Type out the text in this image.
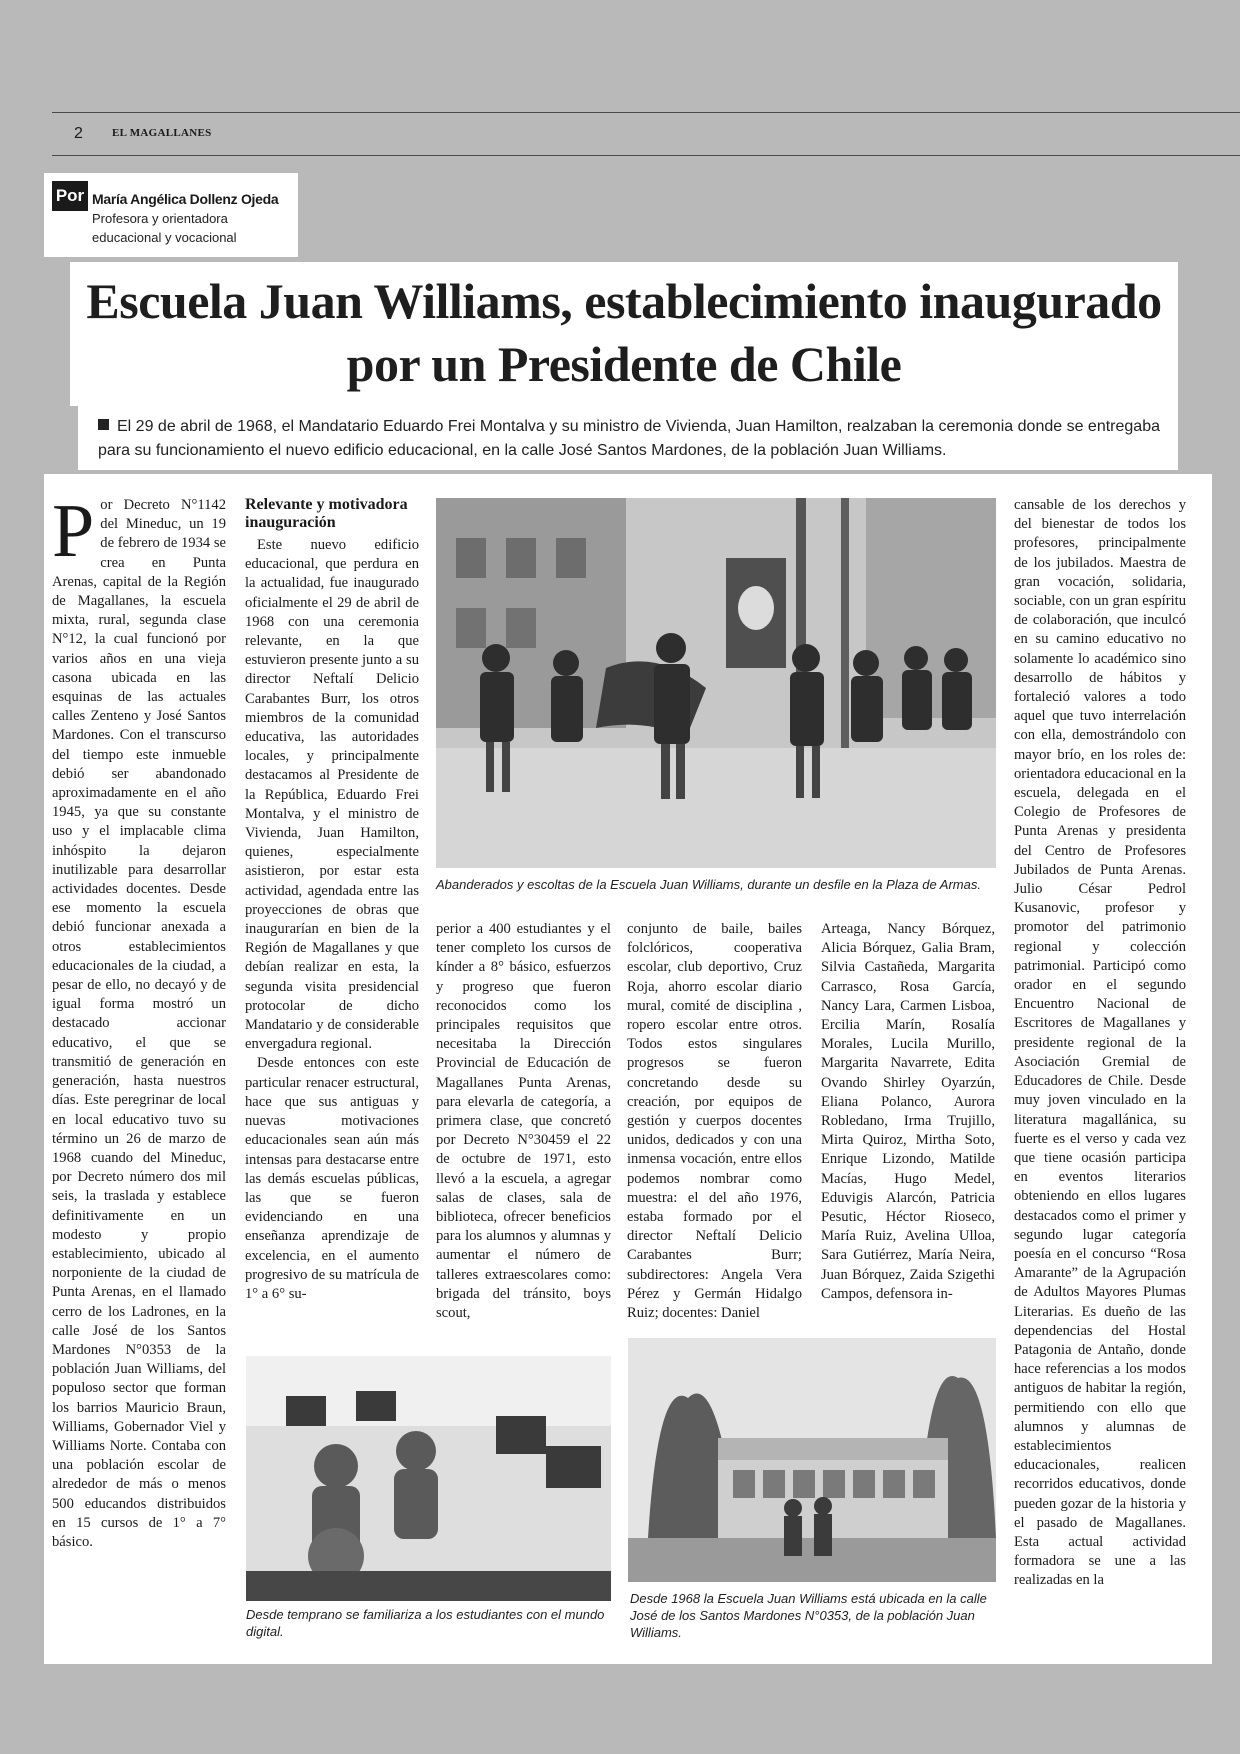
2	EL MAGALLANES
Por María Angélica Dollenz Ojeda
Profesora y orientadora educacional y vocacional
Escuela Juan Williams, establecimiento inaugurado por un Presidente de Chile
El 29 de abril de 1968, el Mandatario Eduardo Frei Montalva y su ministro de Vivienda, Juan Hamilton, realzaban la ceremonia donde se entregaba para su funcionamiento el nuevo edificio educacional, en la calle José Santos Mardones, de la población Juan Williams.

Por Decreto N°1142 del Mineduc, un 19 de febrero de 1934 se crea en Punta Arenas, capital de la Región de Magallanes, la escuela mixta, rural, segunda clase N°12, la cual funcionó por varios años en una vieja casona ubicada en las esquinas de las actuales calles Zenteno y José Santos Mardones. Con el transcurso del tiempo este inmueble debió ser abandonado aproximadamente en el año 1945, ya que su constante uso y el implacable clima inhóspito la dejaron inutilizable para desarrollar actividades docentes. Desde ese momento la escuela debió funcionar anexada a otros establecimientos educacionales de la ciudad, a pesar de ello, no decayó y de igual forma mostró un destacado accionar educativo, el que se transmitió de generación en generación, hasta nuestros días. Este peregrinar de local en local educativo tuvo su término un 26 de marzo de 1968 cuando del Mineduc, por Decreto número dos mil seis, la traslada y establece definitivamente en un modesto y propio establecimiento, ubicado al norponiente de la ciudad de Punta Arenas, en el llamado cerro de los Ladrones, en la calle José de los Santos Mardones N°0353 de la población Juan Williams, del populoso sector que forman los barrios Mauricio Braun, Williams, Gobernador Viel y Williams Norte. Contaba con una población escolar de alrededor de más o menos 500 educandos distribuidos en 15 cursos de 1° a 7° básico.

Relevante y motivadora inauguración

Este nuevo edificio educacional, que perdura en la actualidad, fue inaugurado oficialmente el 29 de abril de 1968 con una ceremonia relevante, en la que estuvieron presente junto a su director Neftalí Delicio Carabantes Burr, los otros miembros de la comunidad educativa, las autoridades locales, y principalmente destacamos al Presidente de la República, Eduardo Frei Montalva, y el ministro de Vivienda, Juan Hamilton, quienes, especialmente asistieron, por estar esta actividad, agendada entre las proyecciones de obras que inaugurarían en bien de la Región de Magallanes y que debían realizar en esta, la segunda visita presidencial protocolar de dicho Mandatario y de considerable envergadura regional.

Desde entonces con este particular renacer estructural, hace que sus antiguas y nuevas motivaciones educacionales sean aún más intensas para destacarse entre las demás escuelas públicas, las que se fueron evidenciando en una enseñanza aprendizaje de excelencia, en el aumento progresivo de su matrícula de 1° a 6° su-

Abanderados y escoltas de la Escuela Juan Williams, durante un desfile en la Plaza de Armas.

perior a 400 estudiantes y el tener completo los cursos de kínder a 8° básico, esfuerzos y progreso que fueron reconocidos como los principales requisitos que necesitaba la Dirección Provincial de Educación de Magallanes Punta Arenas, para elevarla de categoría, a primera clase, que concretó por Decreto N°30459 el 22 de octubre de 1971, esto llevó a la escuela, a agregar salas de clases, sala de biblioteca, ofrecer beneficios para los alumnos y alumnas y aumentar el número de talleres extraescolares como: brigada del tránsito, boys scout,

conjunto de baile, bailes folclóricos, cooperativa escolar, club deportivo, Cruz Roja, ahorro escolar diario mural, comité de disciplina , ropero escolar entre otros. Todos estos singulares progresos se fueron concretando desde su creación, por equipos de gestión y cuerpos docentes unidos, dedicados y con una inmensa vocación, entre ellos podemos nombrar como muestra: el del año 1976, estaba formado por el director Neftalí Delicio Carabantes Burr; subdirectores: Angela Vera Pérez y Germán Hidalgo Ruiz; docentes: Daniel

Arteaga, Nancy Bórquez, Alicia Bórquez, Galia Bram, Silvia Castañeda, Margarita Carrasco, Rosa García, Nancy Lara, Carmen Lisboa, Ercilia Marín, Rosalía Morales, Lucila Murillo, Margarita Navarrete, Edita Ovando Shirley Oyarzún, Eliana Polanco, Aurora Robledano, Irma Trujillo, Mirta Quiroz, Mirtha Soto, Enrique Lizondo, Matilde Macías, Hugo Medel, Eduvigis Alarcón, Patricia Pesutic, Héctor Rioseco, María Ruiz, Avelina Ulloa, Sara Gutiérrez, María Neira, Juan Bórquez, Zaida Szigethi Campos, defensora in-

cansable de los derechos y del bienestar de todos los profesores, principalmente de los jubilados. Maestra de gran vocación, solidaria, sociable, con un gran espíritu de colaboración, que inculcó en su camino educativo no solamente lo académico sino desarrollo de hábitos y fortaleció valores a todo aquel que tuvo interrelación con ella, demostrándolo con mayor brío, en los roles de: orientadora educacional en la escuela, delegada en el Colegio de Profesores de Punta Arenas y presidenta del Centro de Profesores Jubilados de Punta Arenas. Julio César Pedrol Kusanovic, profesor y promotor del patrimonio regional y colección patrimonial. Participó como orador en el segundo Encuentro Nacional de Escritores de Magallanes y presidente regional de la Asociación Gremial de Educadores de Chile. Desde muy joven vinculado en la literatura magallánica, su fuerte es el verso y cada vez que tiene ocasión participa en eventos literarios obteniendo en ellos lugares destacados como el primer y segundo lugar categoría poesía en el concurso “Rosa Amarante” de la Agrupación de Adultos Mayores Plumas Literarias. Es dueño de las dependencias del Hostal Patagonia de Antaño, donde hace referencias a los modos antiguos de habitar la región, permitiendo con ello que alumnos y alumnas de establecimientos educacionales, realicen recorridos educativos, donde pueden gozar de la historia y el pasado de Magallanes. Esta actual actividad formadora se une a las realizadas en la

Desde temprano se familiariza a los estudiantes con el mundo digital.
Desde 1968 la Escuela Juan Williams está ubicada en la calle José de los Santos Mardones N°0353, de la población Juan Williams.
